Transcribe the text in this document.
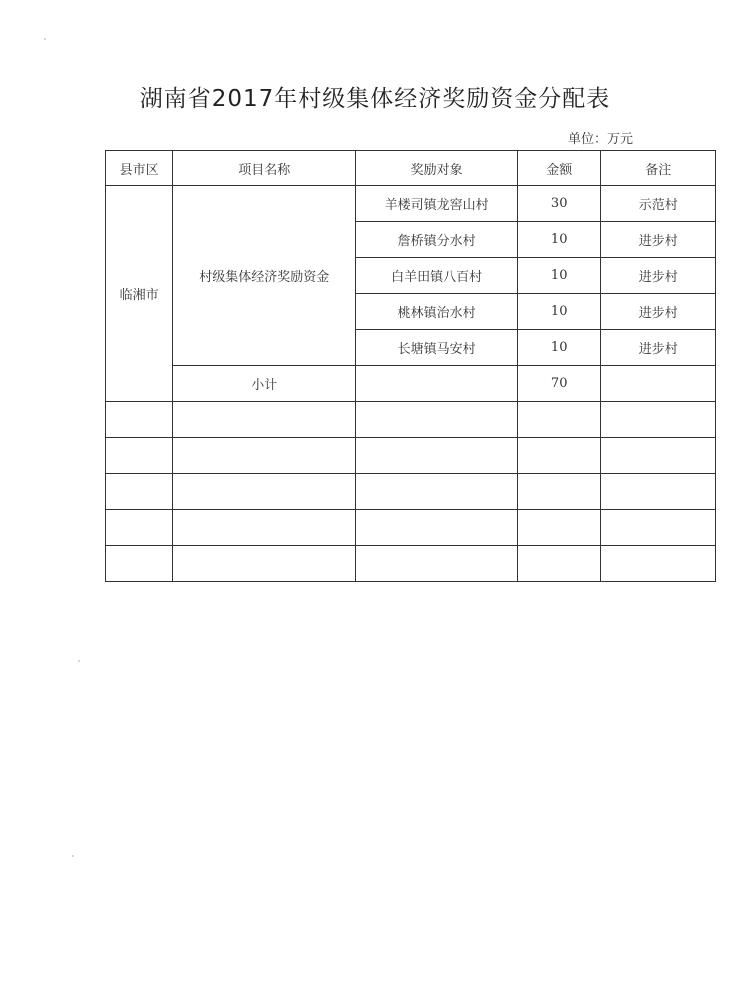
湖南省2017年村级集体经济奖励资金分配表
单位：万元
县市区	项目名称	奖励对象	金额	备注
临湘市	村级集体经济奖励资金	羊楼司镇龙窖山村	30	示范村
		詹桥镇分水村	10	进步村
		白羊田镇八百村	10	进步村
		桃林镇治水村	10	进步村
		长塘镇马安村	10	进步村
	小计		70	
